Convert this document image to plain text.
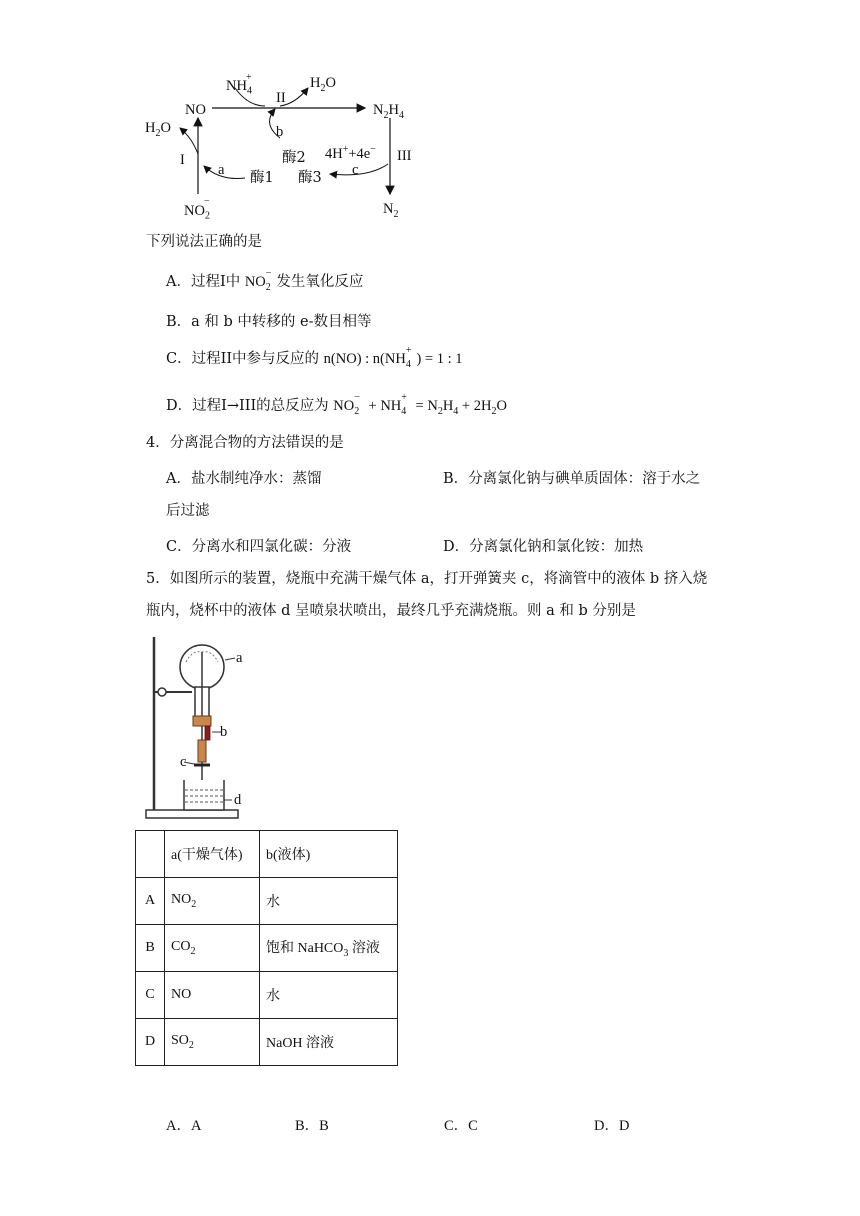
$NH_4^+$
II
$H_2O$
NO	$N_2H_4$
$H_2O$	b
酶2 4H++4e− III
I
a 酶1 酶3 c
$NO_2^-$	$N_2$
下列说法正确的是
A．过程I中 $NO_2^-$发生氧化反应
B．a 和 b 中转移的 e-数目相等
C．过程II中参与反应的 n(NO) : $n(NH_4^+) = 1$ : 1
D．过程I→III的总反应为 $NO_2^- + NH_4^+ = N_2H_4 + 2H_2O$
4．分离混合物的方法错误的是
A．盐水制纯净水：蒸馏	B．分离氯化钠与碘单质固体：溶于水之
后过滤
C．分离水和四氯化碳：分液	D．分离氯化钠和氯化铵：加热
5．如图所示的装置，烧瓶中充满干燥气体 a，打开弹簧夹 c，将滴管中的液体 b 挤入烧
瓶内，烧杯中的液体 d 呈喷泉状喷出，最终几乎充满烧瓶。则 a 和 b 分别是
a
b
c
d
	a(干燥气体)	b(液体)
A	$NO_2$	水
B	$CO_2$	饱和 NaHCO$_3$ 溶液
C	NO	水
D	$SO_2$	NaOH 溶液
A．A	B．B	C．C	D．D
